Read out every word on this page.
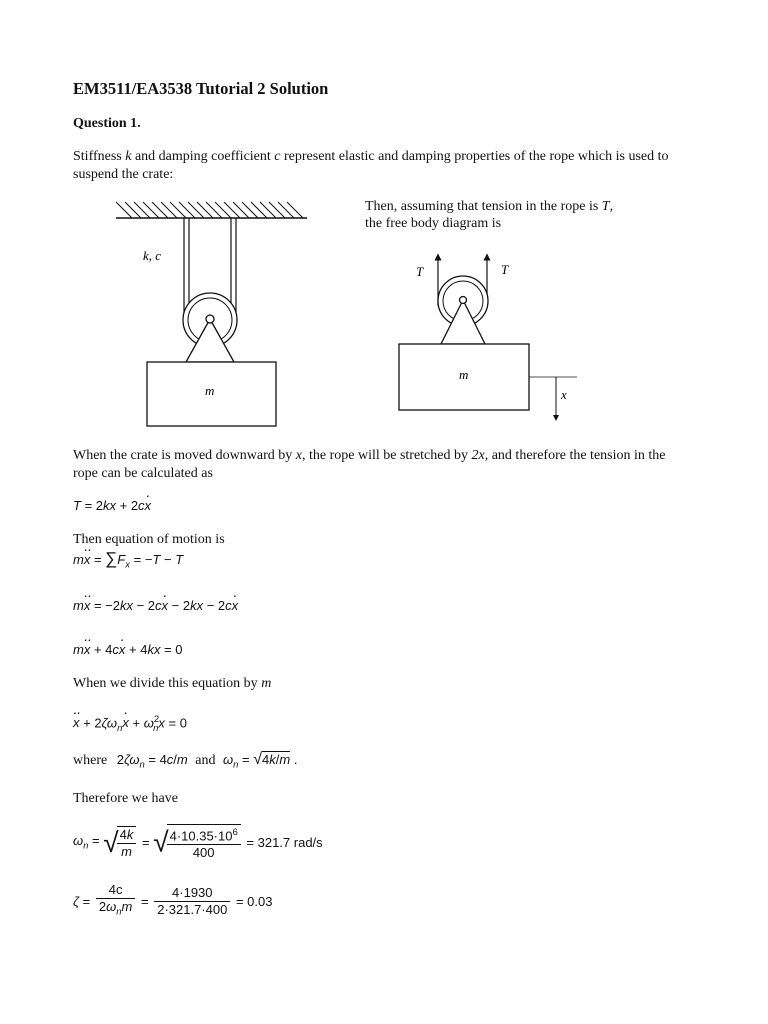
EM3511/EA3538 Tutorial 2 Solution
Question 1.
Stiffness k and damping coefficient c represent elastic and damping properties of the rope which is used to suspend the crate:
k, c
m
Then, assuming that tension in the rope is T,
the free body diagram is
T	T
m
x
When the crate is moved downward by x, the rope will be stretched by 2x, and therefore the tension in the rope can be calculated as
T = 2kx + 2cx ·
Then equation of motion is
mx ·· = $\sum F_x = -T - T$
mx ·· = −2kx − 2cx · − 2kx − 2cx ·
mx ·· + 4cx · + 4kx = 0
When we divide this equation by m
x ·· + $2\zeta\omega_nx$ · + $\omega^2_nx = 0$
where $2\zeta\omega_n = 4c/m$ and $\omega_n = √4k/m$ .
Therefore we have
$\omega_n$ = √
$\frac{4k}{m}$ = √
$\frac{4\cdot 10.35\cdot 10^6}{400} = 321.7$ rad/s
$\zeta = \frac{4c}{2\omega_nm} = \frac{4\cdot 1930}{2\cdot 321.7\cdot 400} = 0.03$
